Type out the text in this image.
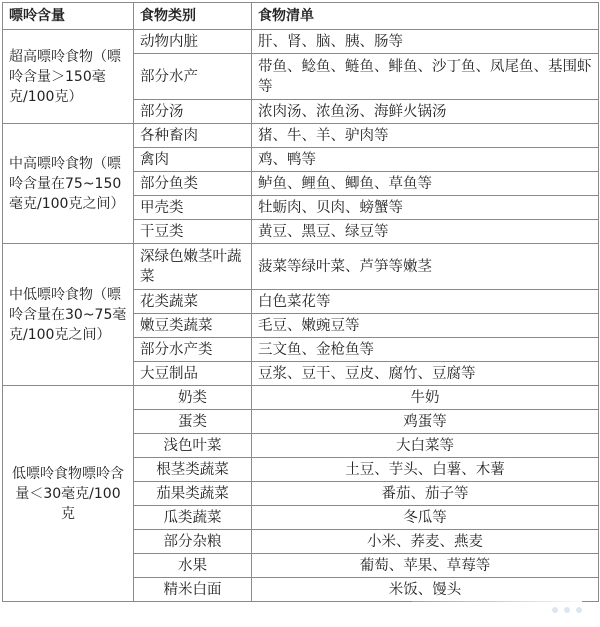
嘌呤含量	食物类别	食物清单
超高嘌呤食物（嘌呤含量＞150毫克/100克）	动物内脏	肝、肾、脑、胰、肠等
	部分水产	带鱼、鲶鱼、鲢鱼、鲱鱼、沙丁鱼、凤尾鱼、基围虾等
	部分汤	浓肉汤、浓鱼汤、海鲜火锅汤
中高嘌呤食物（嘌呤含量在75~150毫克/100克之间）	各种畜肉	猪、牛、羊、驴肉等
	禽肉	鸡、鸭等
	部分鱼类	鲈鱼、鲤鱼、鲫鱼、草鱼等
	甲壳类	牡蛎肉、贝肉、螃蟹等
	干豆类	黄豆、黑豆、绿豆等
中低嘌呤食物（嘌呤含量在30~75毫克/100克之间）	深绿色嫩茎叶蔬菜	菠菜等绿叶菜、芦笋等嫩茎
	花类蔬菜	白色菜花等
	嫩豆类蔬菜	毛豆、嫩豌豆等
	部分水产类	三文鱼、金枪鱼等
	大豆制品	豆浆、豆干、豆皮、腐竹、豆腐等
低嘌呤食物嘌呤含量＜30毫克/100克	奶类	牛奶
	蛋类	鸡蛋等
	浅色叶菜	大白菜等
	根茎类蔬菜	土豆、芋头、白薯、木薯
	茄果类蔬菜	番茄、茄子等
	瓜类蔬菜	冬瓜等
	部分杂粮	小米、荞麦、燕麦
	水果	葡萄、苹果、草莓等
	精米白面	米饭、馒头
